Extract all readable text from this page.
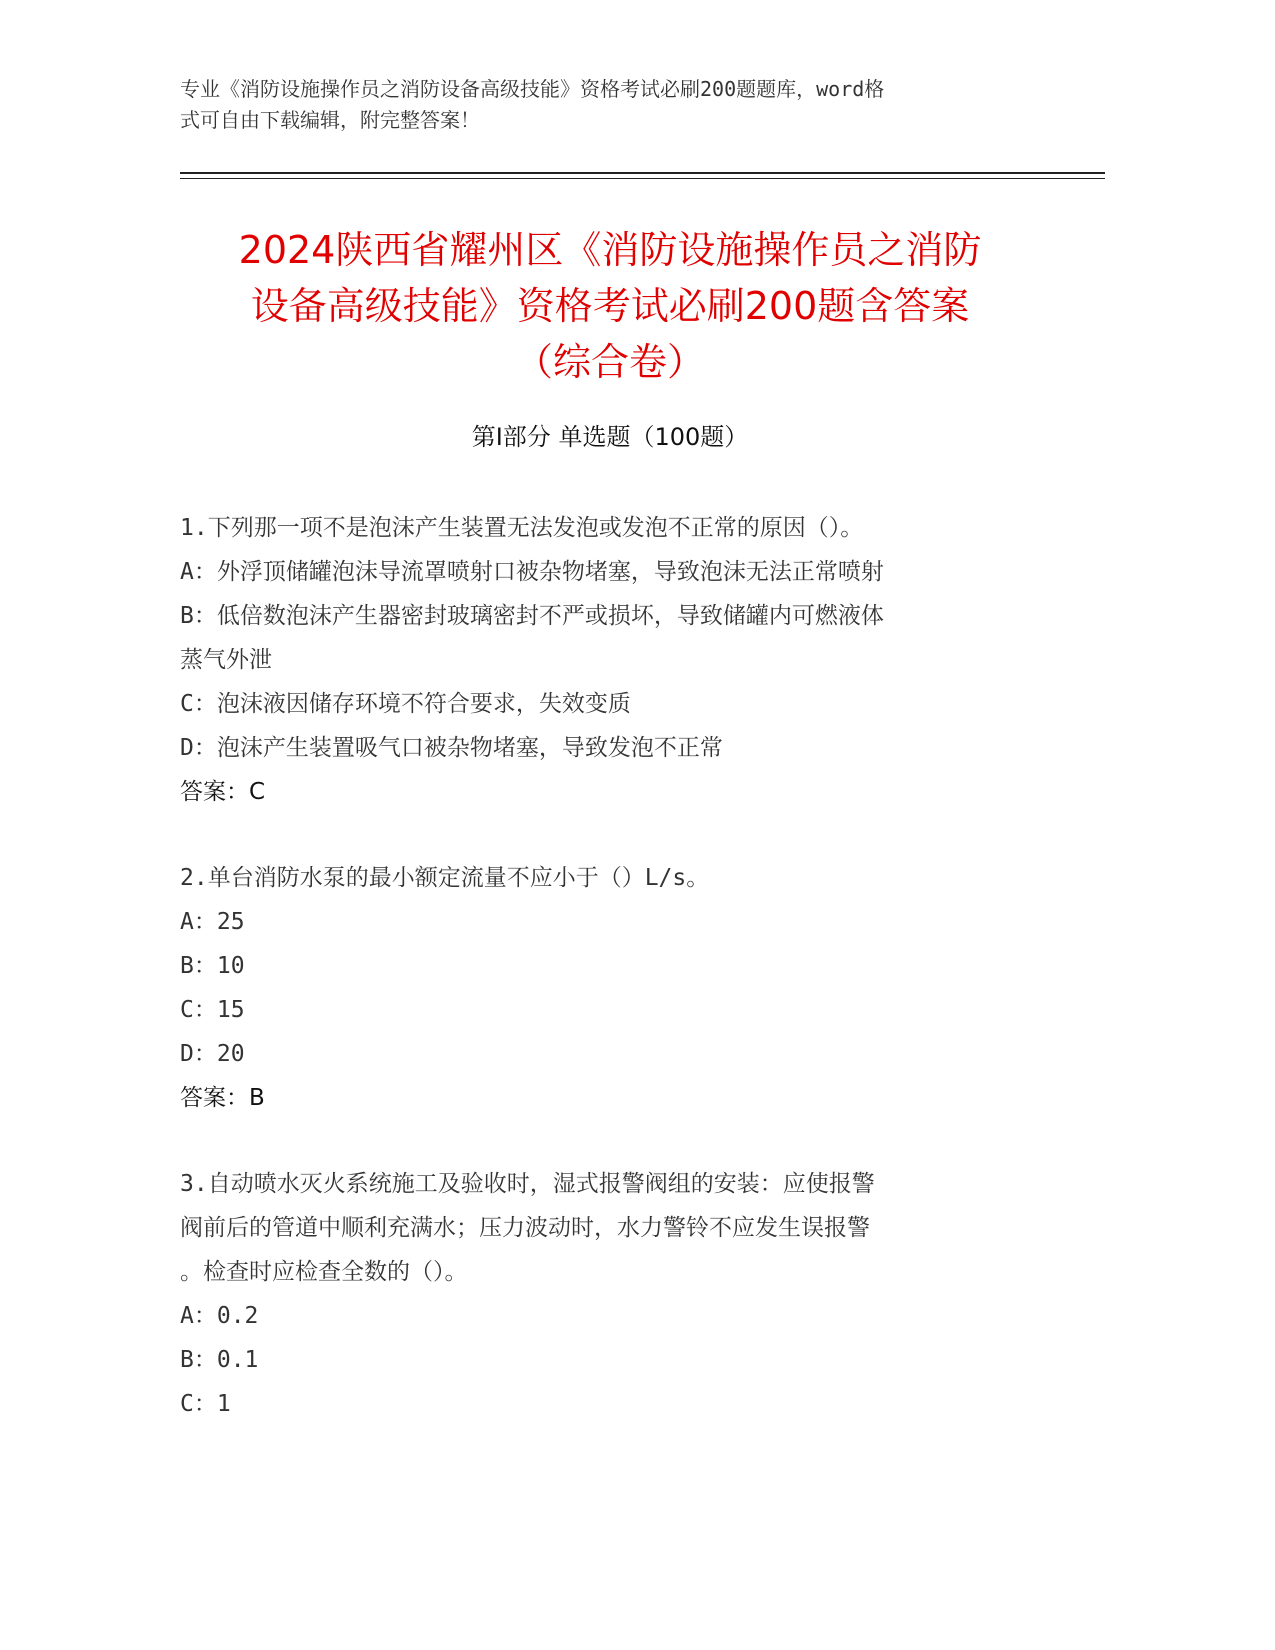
专业《消防设施操作员之消防设备高级技能》资格考试必刷200题题库，word格
式可自由下载编辑，附完整答案！
2024陕西省耀州区《消防设施操作员之消防
设备高级技能》资格考试必刷200题含答案
（综合卷）
第I部分 单选题（100题）
1.下列那一项不是泡沫产生装置无法发泡或发泡不正常的原因（）。
A：外浮顶储罐泡沫导流罩喷射口被杂物堵塞，导致泡沫无法正常喷射
B：低倍数泡沫产生器密封玻璃密封不严或损坏，导致储罐内可燃液体
蒸气外泄
C：泡沫液因储存环境不符合要求，失效变质
D：泡沫产生装置吸气口被杂物堵塞，导致发泡不正常
答案：C
2.单台消防水泵的最小额定流量不应小于（）L/s。
A：25
B：10
C：15
D：20
答案：B
3.自动喷水灭火系统施工及验收时，湿式报警阀组的安装：应使报警
阀前后的管道中顺利充满水；压力波动时，水力警铃不应发生误报警
。检查时应检查全数的（）。
A：0.2
B：0.1
C：1
